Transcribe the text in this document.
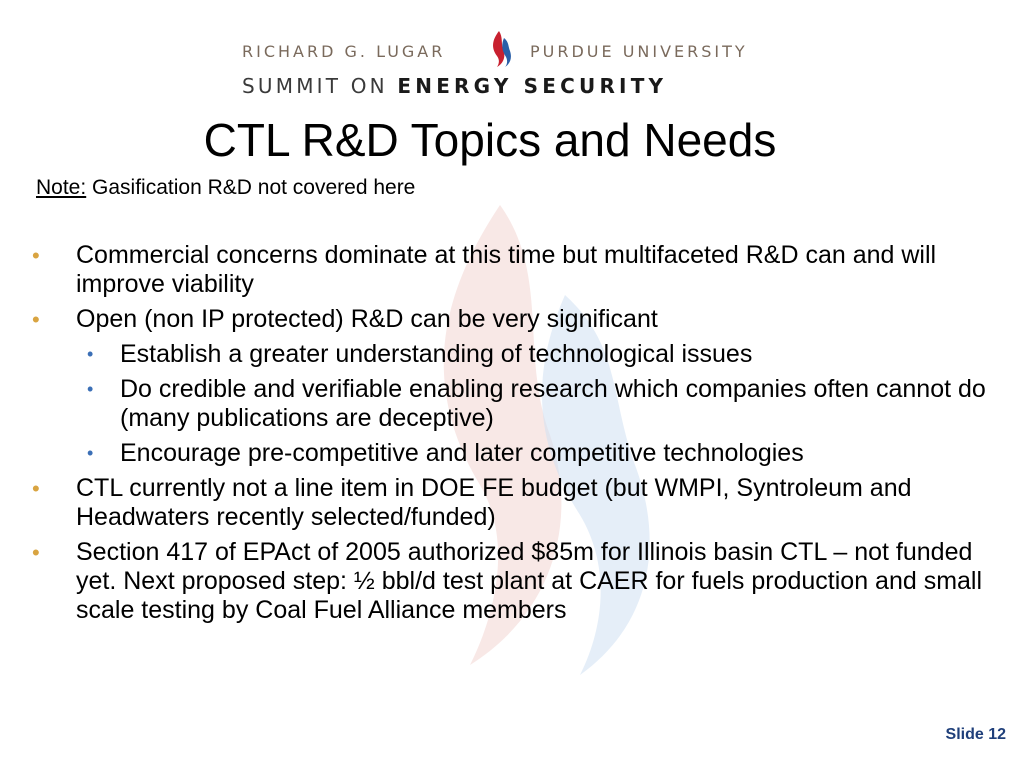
RICHARD G. LUGAR	PURDUE UNIVERSITY
SUMMIT ON ENERGY SECURITY
CTL R&D Topics and Needs
Note: Gasification R&D not covered here
• Commercial concerns dominate at this time but multifaceted R&D can and will improve viability
• Open (non IP protected) R&D can be very significant
• Establish a greater understanding of technological issues
• Do credible and verifiable enabling research which companies often cannot do (many publications are deceptive)
• Encourage pre-competitive and later competitive technologies
• CTL currently not a line item in DOE FE budget (but WMPI, Syntroleum and Headwaters recently selected/funded)
• Section 417 of EPAct of 2005 authorized $85m for Illinois basin CTL – not funded yet. Next proposed step: ½ bbl/d test plant at CAER for fuels production and small scale testing by Coal Fuel Alliance members
Slide 12
